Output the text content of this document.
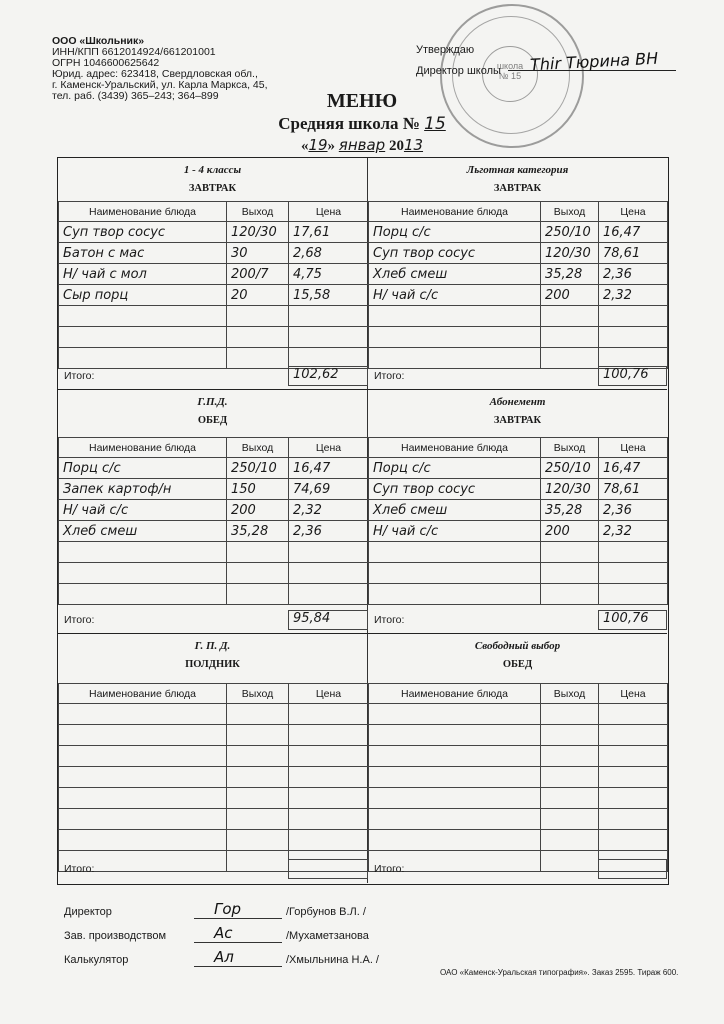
ООО «Школьник»
ИНН/КПП 6612014924/661201001
ОГРН 1046600625642
Юрид. адрес: 623418, Свердловская обл.,
г. Каменск-Уральский, ул. Карла Маркса, 45,
тел. раб. (3439) 365–243; 364–899
школа
№ 15
Утверждаю
Директор школы Thir Тюрина ВН
МЕНЮ
Средняя школа № 15
«19» январ 2013
1 - 4 классы
ЗАВТРАК
Наименование блюда	Выход	Цена
Суп твор сосус	120/30	17,61
Батон с мас	30	2,68
Н/ чай с мол	200/7	4,75
Сыр порц	20	15,58

Итого:	102,62
Льготная категория
ЗАВТРАК
Наименование блюда	Выход	Цена
Порц с/с	250/10	16,47
Суп твор сосус	120/30	78,61
Хлеб смеш	35,28	2,36
Н/ чай с/с	200	2,32

Итого:	100,76
Г.П.Д.
ОБЕД
Наименование блюда	Выход	Цена
Порц с/с	250/10	16,47
Запек картоф/н	150	74,69
Н/ чай с/с	200	2,32
Хлеб смеш	35,28	2,36

Итого:	95,84
Абонемент
ЗАВТРАК
Наименование блюда	Выход	Цена
Порц с/с	250/10	16,47
Суп твор сосус	120/30	78,61
Хлеб смеш	35,28	2,36
Н/ чай с/с	200	2,32

Итого:	100,76
Г. П. Д.
ПОЛДНИК
Наименование блюда	Выход	Цена

Итого:
Свободный выбор
ОБЕД
Наименование блюда	Выход	Цена

Итого:
Директор	Гор	/Горбунов В.Л. /
Зав. производством	Ас	/Мухаметзанова
Калькулятор	Ал	/Хмыльнина Н.А. /
ОАО «Каменск-Уральская типография». Заказ 2595. Тираж 600.
